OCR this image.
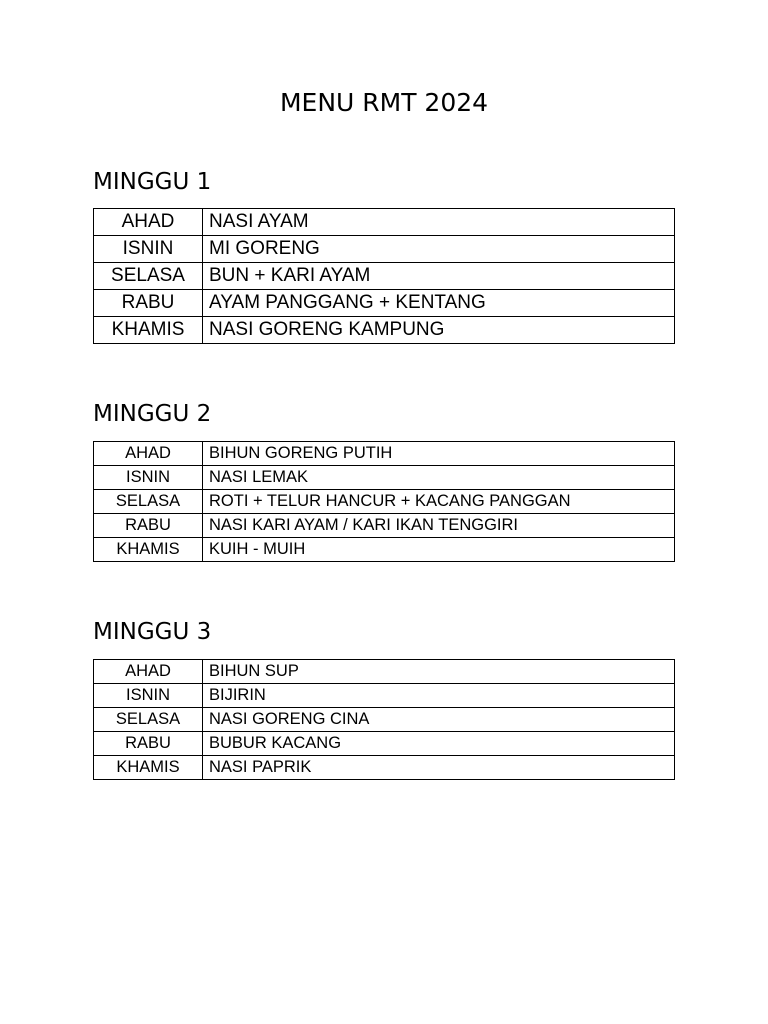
MENU RMT 2024
MINGGU 1
AHAD	NASI AYAM
ISNIN	MI GORENG
SELASA	BUN + KARI AYAM
RABU	AYAM PANGGANG + KENTANG
KHAMIS	NASI GORENG KAMPUNG
MINGGU 2
AHAD	BIHUN GORENG PUTIH
ISNIN	NASI LEMAK
SELASA	ROTI + TELUR HANCUR + KACANG PANGGAN
RABU	NASI KARI AYAM / KARI IKAN TENGGIRI
KHAMIS	KUIH - MUIH
MINGGU 3
AHAD	BIHUN SUP
ISNIN	BIJIRIN
SELASA	NASI GORENG CINA
RABU	BUBUR KACANG
KHAMIS	NASI PAPRIK
